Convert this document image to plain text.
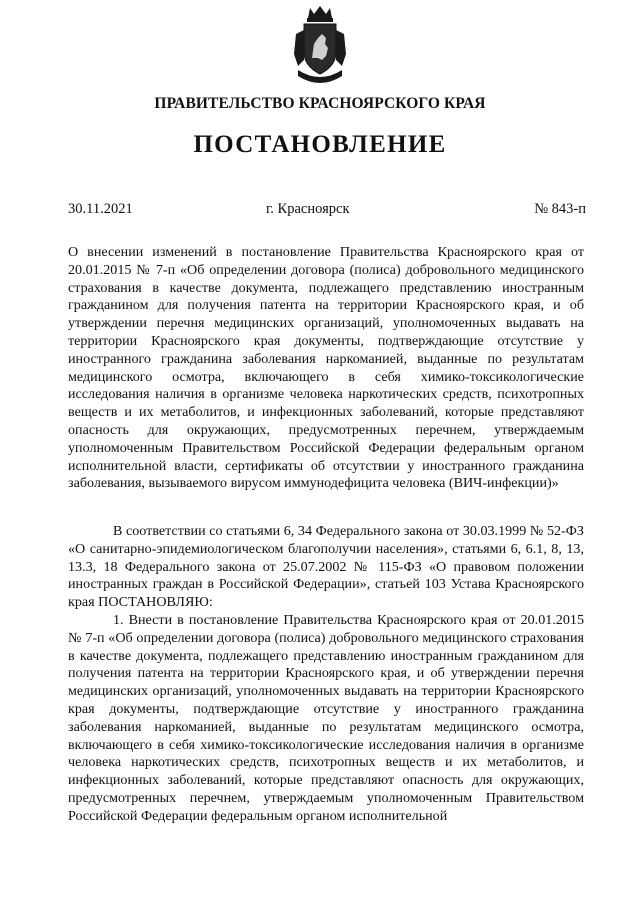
ПРАВИТЕЛЬСТВО КРАСНОЯРСКОГО КРАЯ
ПОСТАНОВЛЕНИЕ
30.11.2021	г. Красноярск	№ 843-п

О внесении изменений в постановление Правительства Красноярского края от 20.01.2015 № 7-п «Об определении договора (полиса) добровольного медицинского страхования в качестве документа, подлежащего представлению иностранным гражданином для получения патента на территории Красноярского края, и об утверждении перечня медицинских организаций, уполномоченных выдавать на территории Красноярского края документы, подтверждающие отсутствие у иностранного гражданина заболевания наркоманией, выданные по результатам медицинского осмотра, включающего в себя химико-токсикологические исследования наличия в организме человека наркотических средств, психотропных веществ и их метаболитов, и инфекционных заболеваний, которые представляют опасность для окружающих, предусмотренных перечнем, утверждаемым уполномоченным Правительством Российской Федерации федеральным органом исполнительной власти, сертификаты об отсутствии у иностранного гражданина заболевания, вызываемого вирусом иммунодефицита человека (ВИЧ-инфекции)»

В соответствии со статьями 6, 34 Федерального закона от 30.03.1999 № 52-ФЗ «О санитарно-эпидемиологическом благополучии населения», статьями 6, 6.1, 8, 13, 13.3, 18 Федерального закона от 25.07.2002 № 115-ФЗ «О правовом положении иностранных граждан в Российской Федерации», статьей 103 Устава Красноярского края ПОСТАНОВЛЯЮ:

1. Внести в постановление Правительства Красноярского края от 20.01.2015 № 7-п «Об определении договора (полиса) добровольного медицинского страхования в качестве документа, подлежащего представлению иностранным гражданином для получения патента на территории Красноярского края, и об утверждении перечня медицинских организаций, уполномоченных выдавать на территории Красноярского края документы, подтверждающие отсутствие у иностранного гражданина заболевания наркоманией, выданные по результатам медицинского осмотра, включающего в себя химико-токсикологические исследования наличия в организме человека наркотических средств, психотропных веществ и их метаболитов, и инфекционных заболеваний, которые представляют опасность для окружающих, предусмотренных перечнем, утверждаемым уполномоченным Правительством Российской Федерации федеральным органом исполнительной
